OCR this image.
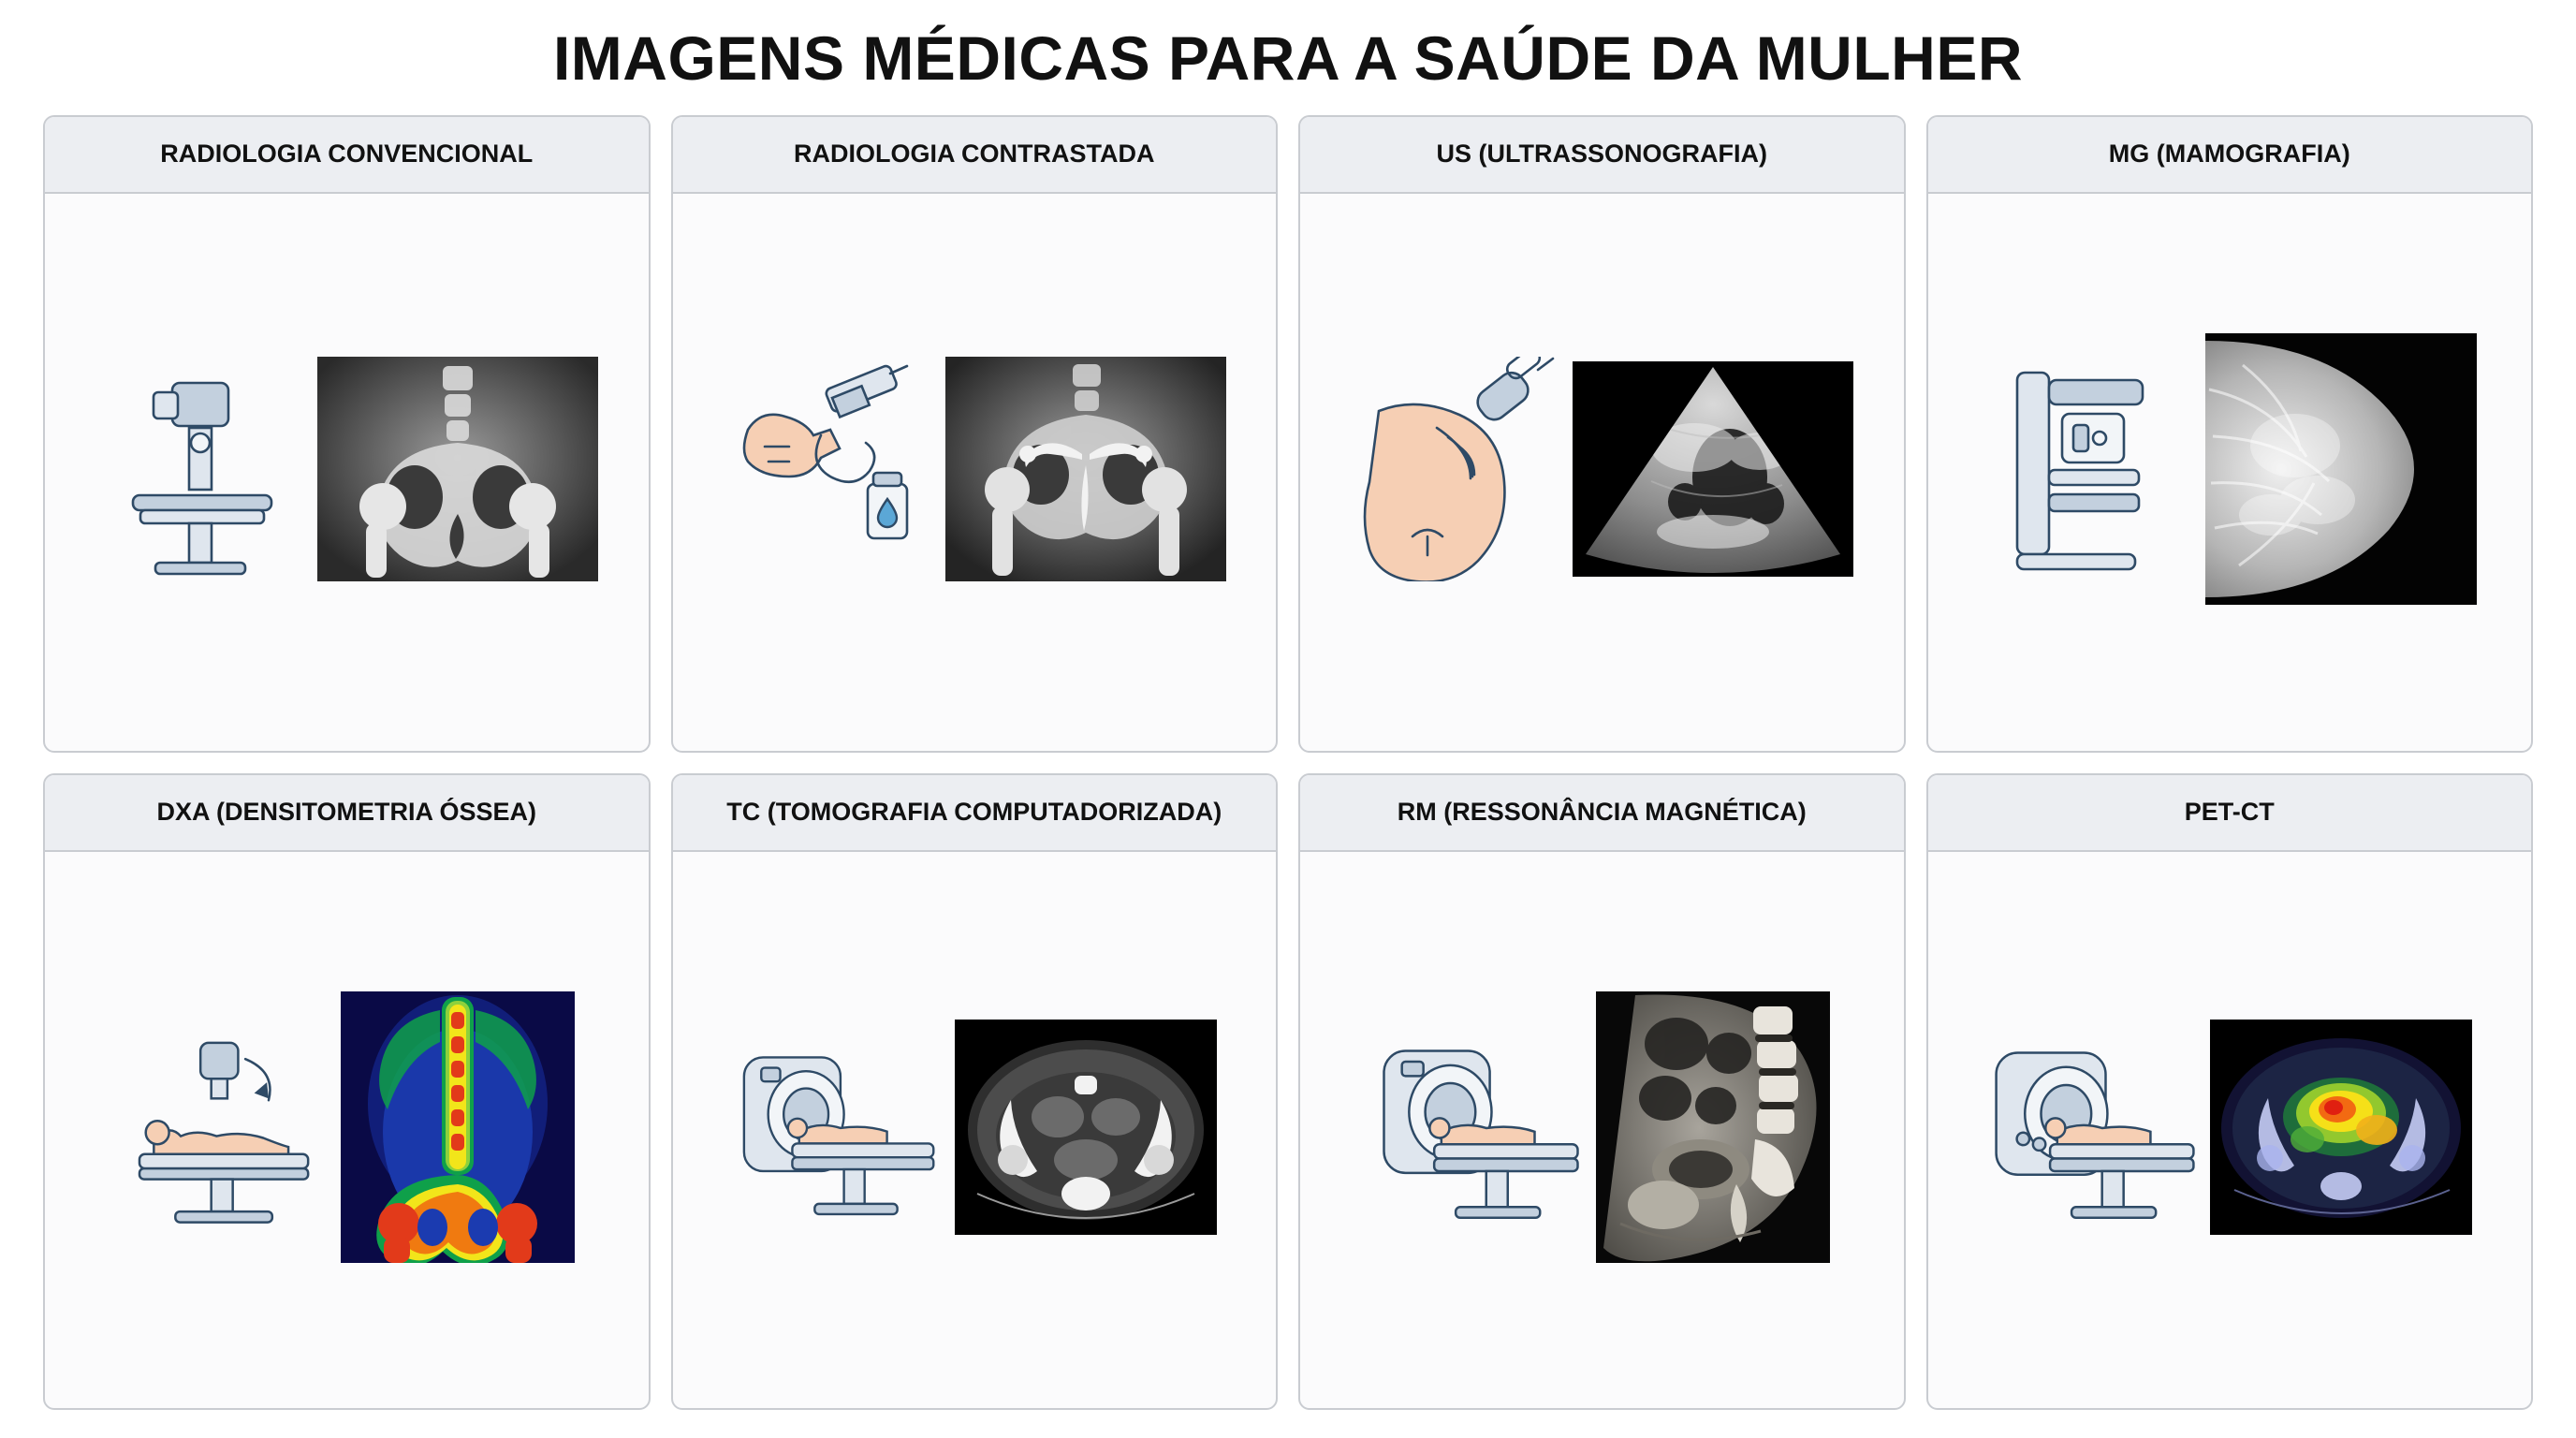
IMAGENS MÉDICAS PARA A SAÚDE DA MULHER
RADIOLOGIA CONVENCIONAL	RADIOLOGIA CONTRASTADA	US (ULTRASSONOGRAFIA)	MG (MAMOGRAFIA)
DXA (DENSITOMETRIA ÓSSEA)	TC (TOMOGRAFIA COMPUTADORIZADA)	RM (RESSONÂNCIA MAGNÉTICA)	PET-CT
